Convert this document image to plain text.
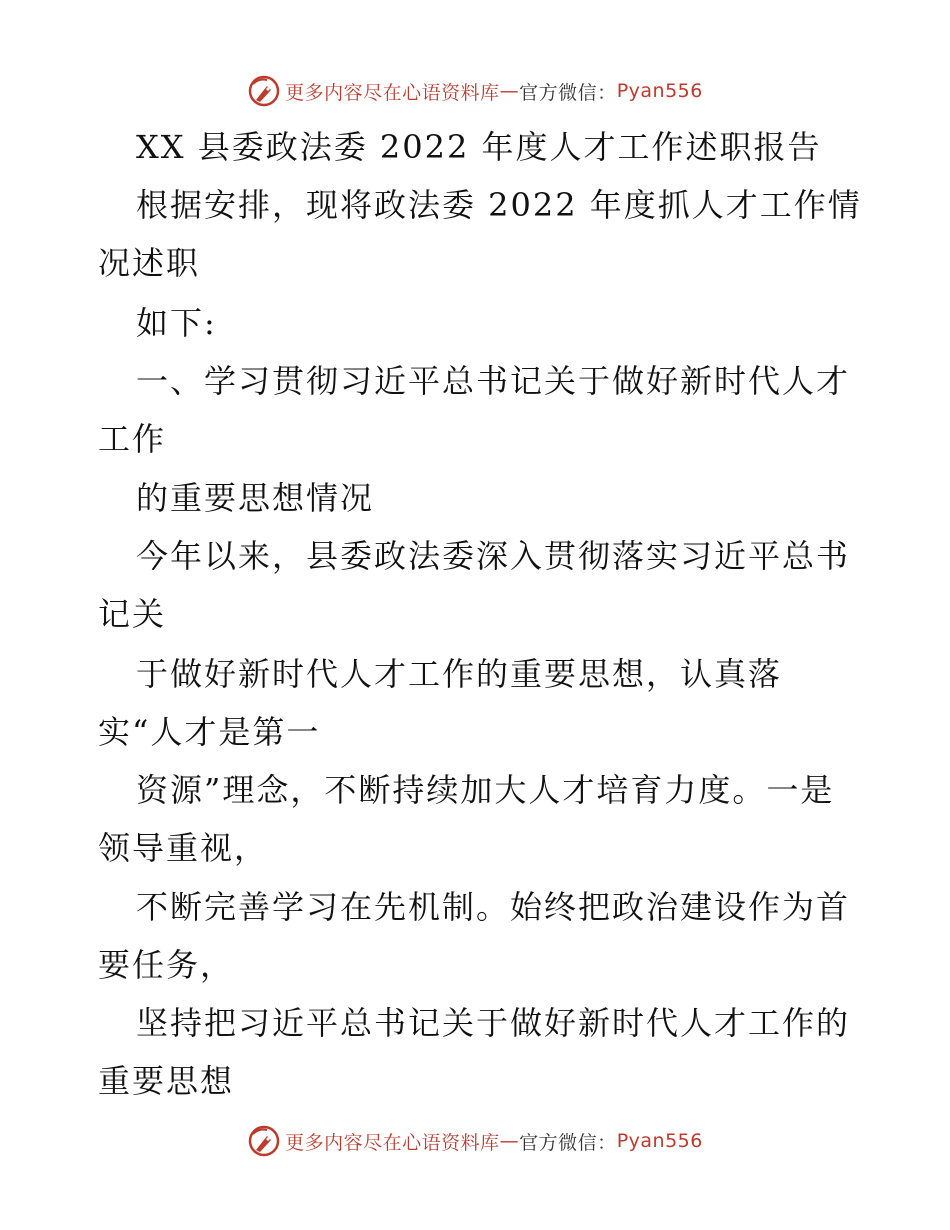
更多内容尽在心语资料库 — 官方微信： Pyan556
XX 县委政法委 2022 年度人才工作述职报告
根据安排，现将政法委 2022 年度抓人才工作情
况述职
如下:
一、学习贯彻习近平总书记关于做好新时代人才
工作
的重要思想情况
今年以来，县委政法委深入贯彻落实习近平总书
记关
于做好新时代人才工作的重要思想，认真落
实“人才是第一
资源”理念，不断持续加大人才培育力度。一是
领导重视，
不断完善学习在先机制。始终把政治建设作为首
要任务，
坚持把习近平总书记关于做好新时代人才工作的
重要思想
更多内容尽在心语资料库 — 官方微信： Pyan556
